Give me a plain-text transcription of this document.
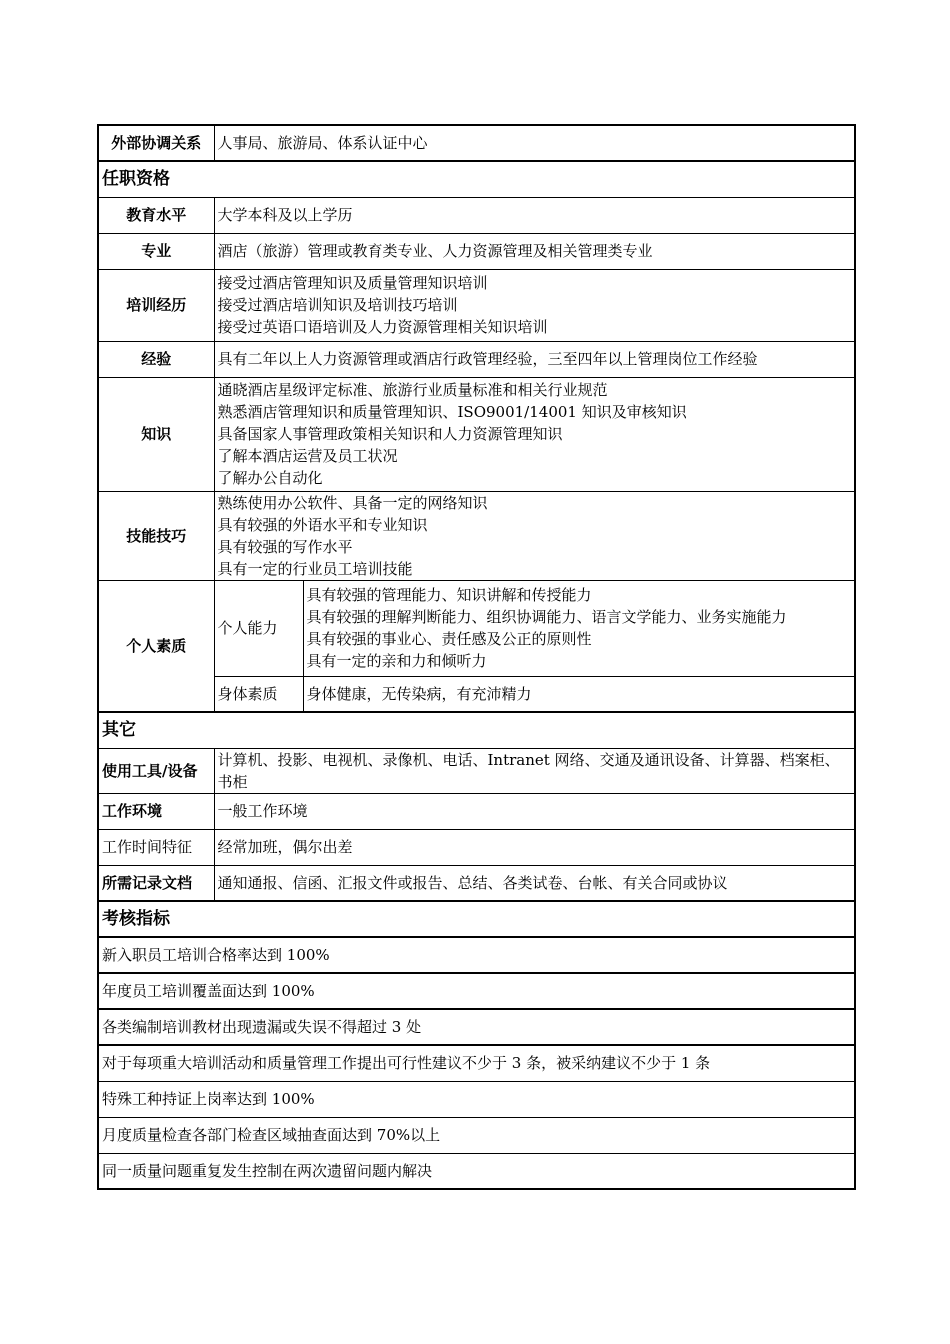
外部协调关系	人事局、旅游局、体系认证中心	
任职资格		
教育水平	大学本科及以上学历	
专业	酒店（旅游）管理或教育类专业、人力资源管理及相关管理类专业	
培训经历	接受过酒店管理知识及质量管理知识培训
接受过酒店培训知识及培训技巧培训
接受过英语口语培训及人力资源管理相关知识培训	

经验	具有二年以上人力资源管理或酒店行政管理经验，三至四年以上管理岗位工作经验	
知识	通晓酒店星级评定标准、旅游行业质量标准和相关行业规范
熟悉酒店管理知识和质量管理知识、ISO9001/14001 知识及审核知识
具备国家人事管理政策相关知识和人力资源管理知识
了解本酒店运营及员工状况
了解办公自动化	

技能技巧	熟练使用办公软件、具备一定的网络知识
具有较强的外语水平和专业知识
具有较强的写作水平
具有一定的行业员工培训技能	

个人素质	个人能力	具有较强的管理能力、知识讲解和传授能力
具有较强的理解判断能力、组织协调能力、语言文学能力、业务实施能力
具有较强的事业心、责任感及公正的原则性
具有一定的亲和力和倾听力

	身体素质	身体健康，无传染病，有充沛精力
其它		
使用工具/设备	计算机、投影、电视机、录像机、电话、Intranet 网络、交通及通讯设备、计算器、档案柜、书柜	
工作环境	一般工作环境	
工作时间特征	经常加班，偶尔出差	
所需记录文档	通知通报、信函、汇报文件或报告、总结、各类试卷、台帐、有关合同或协议	
考核指标		
新入职员工培训合格率达到 100%		
年度员工培训覆盖面达到 100%		
各类编制培训教材出现遗漏或失误不得超过 3 处		
对于每项重大培训活动和质量管理工作提出可行性建议不少于 3 条，被采纳建议不少于 1 条		
特殊工种持证上岗率达到 100%		
月度质量检查各部门检查区域抽查面达到 70%以上		
同一质量问题重复发生控制在两次遗留问题内解决		
